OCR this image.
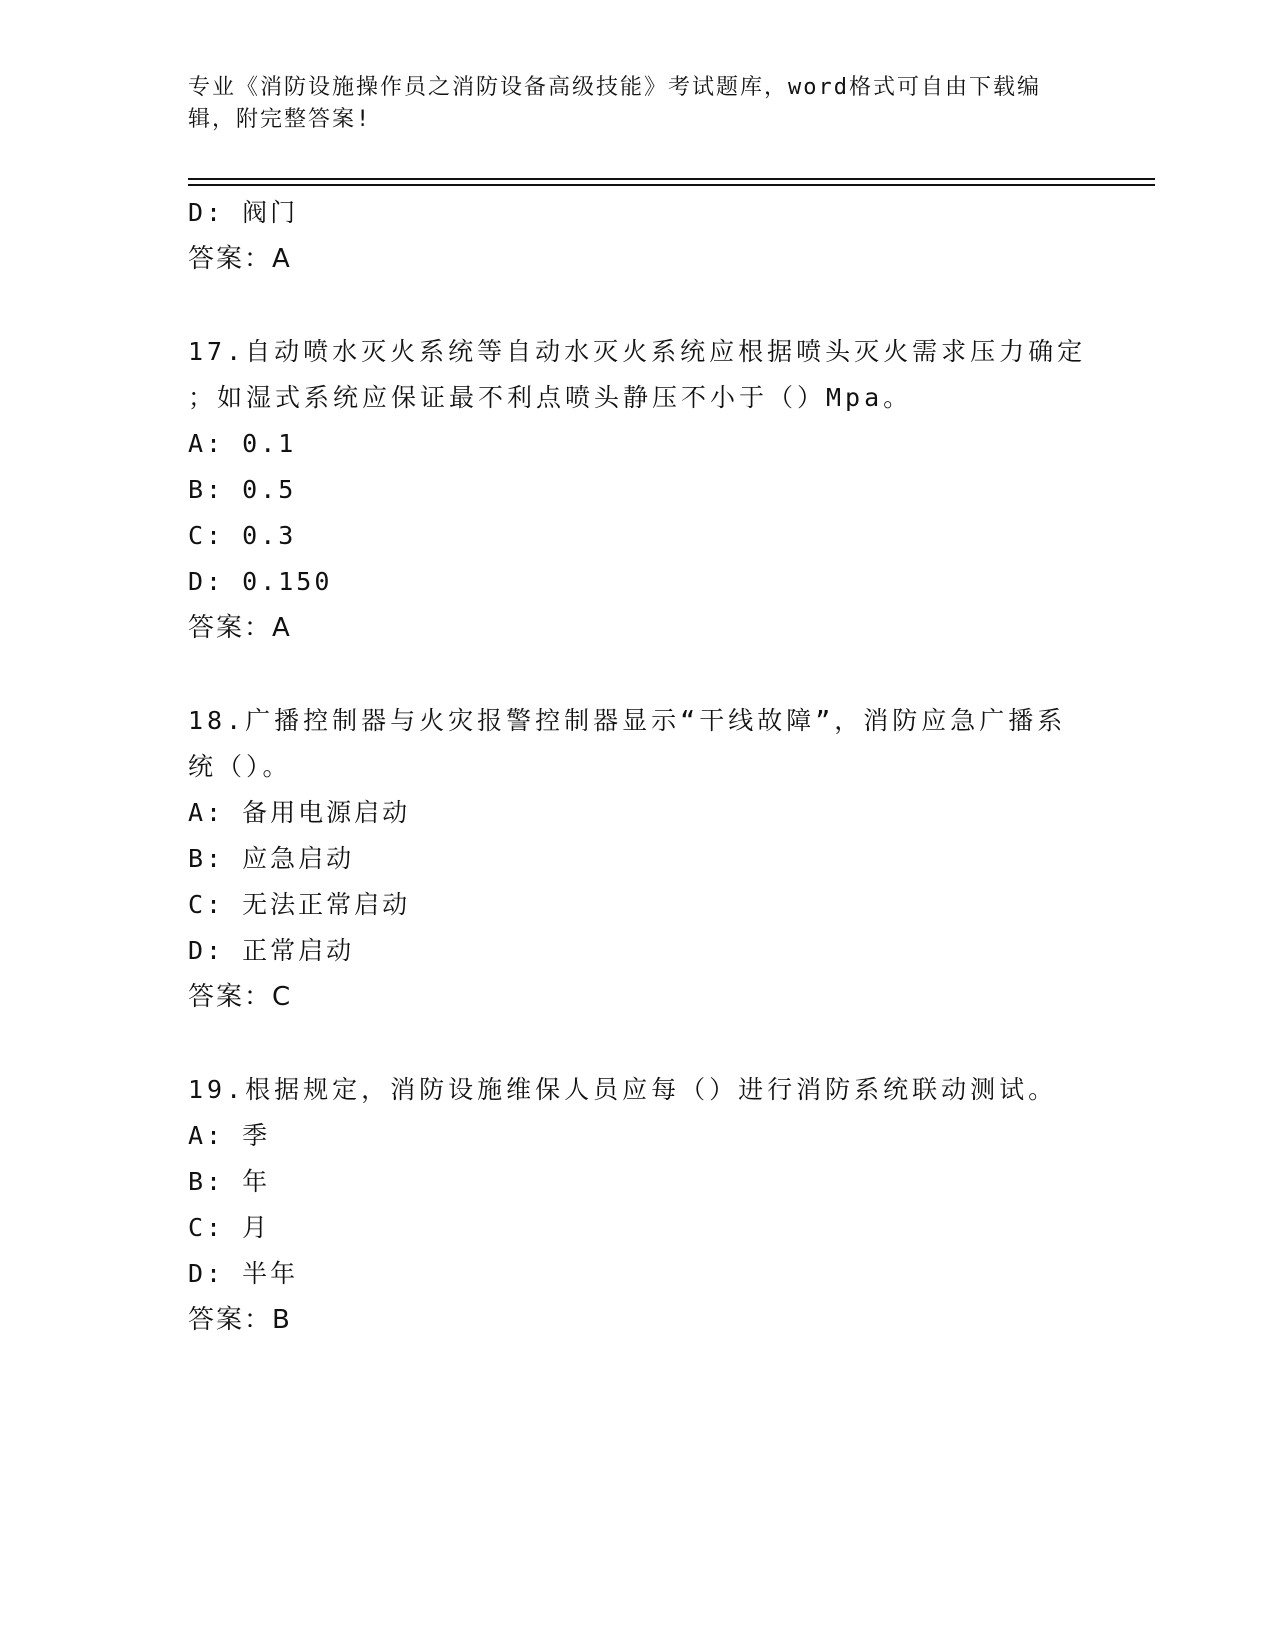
专业《消防设施操作员之消防设备高级技能》考试题库，word格式可自由下载编
辑，附完整答案!
D: 阀门
答案：A
17.自动喷水灭火系统等自动水灭火系统应根据喷头灭火需求压力确定
；如湿式系统应保证最不利点喷头静压不小于（）Mpa。
A: 0.1
B: 0.5
C: 0.3
D: 0.150
答案：A
18.广播控制器与火灾报警控制器显示“干线故障”，消防应急广播系
统（）。
A: 备用电源启动
B: 应急启动
C: 无法正常启动
D: 正常启动
答案：C
19.根据规定，消防设施维保人员应每（）进行消防系统联动测试。
A: 季
B: 年
C: 月
D: 半年
答案：B
